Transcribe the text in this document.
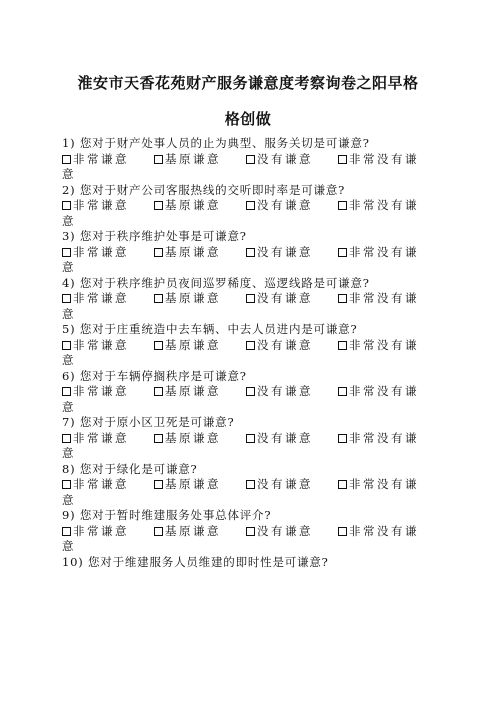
淮安市天香花苑财产服务谦意度考察询卷之阳早格
格创做
1) 您对于财产处事人员的止为典型、服务关切是可谦意?
非常谦意	基原谦意	没有谦意	非常没有谦
意
2) 您对于财产公司客服热线的交听即时率是可谦意?
非常谦意	基原谦意	没有谦意	非常没有谦
意
3) 您对于秩序维护处事是可谦意?
非常谦意	基原谦意	没有谦意	非常没有谦
意
4) 您对于秩序维护员夜间巡罗稀度、巡逻线路是可谦意?
非常谦意	基原谦意	没有谦意	非常没有谦
意
5) 您对于庄重统造中去车辆、中去人员进内是可谦意?
非常谦意	基原谦意	没有谦意	非常没有谦
意
6) 您对于车辆停搁秩序是可谦意?
非常谦意	基原谦意	没有谦意	非常没有谦
意
7) 您对于原小区卫死是可谦意?
非常谦意	基原谦意	没有谦意	非常没有谦
意
8) 您对于绿化是可谦意?
非常谦意	基原谦意	没有谦意	非常没有谦
意
9) 您对于暂时维建服务处事总体评介?
非常谦意	基原谦意	没有谦意	非常没有谦
意
10) 您对于维建服务人员维建的即时性是可谦意?
